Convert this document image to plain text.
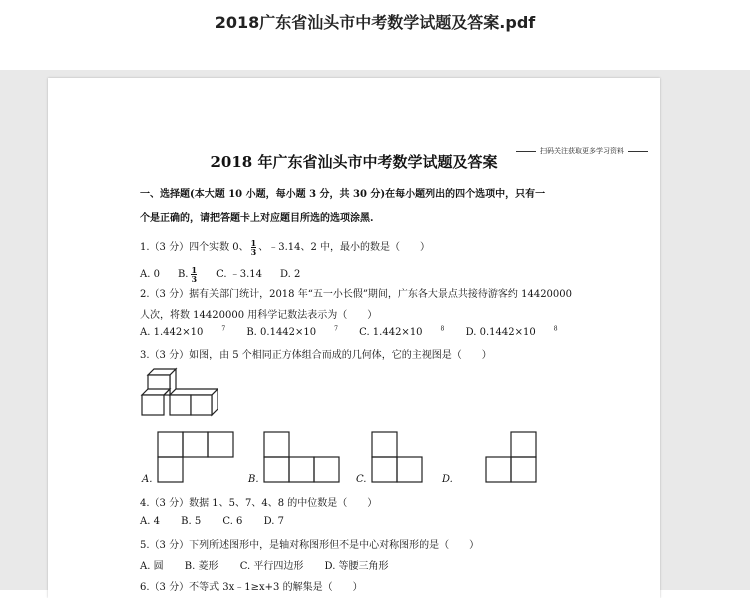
2018广东省汕头市中考数学试题及答案.pdf
扫码关注获取更多学习资料
2018 年广东省汕头市中考数学试题及答案
一、选择题(本大题 10 小题，每小题 3 分，共 30 分)在每小题列出的四个选项中，只有一
个是正确的，请把答题卡上对应题目所选的选项涂黑.
1.（3 分）四个实数 0、 $\frac{1}{3}$ 、﹣3.14、2 中，最小的数是（　　）
A. 0 B. $\frac{1}{3} C$. ﹣3.14 D. 2
2.（3 分）据有关部门统计，2018 年“五一小长假”期间，广东各大景点共接待游客约 14420000
人次，将数 14420000 用科学记数法表示为（　　）
A. 1.442×10	$^7$ B. 0.1442×10	$^7$ C. 1.442×10	$^8$ D. 0.1442×10	$^8$
3.（3 分）如图，由 5 个相同正方体组合而成的几何体，它的主视图是（　　）
A.	B.	C.	D.
4.（3 分）数据 1、5、7、4、8 的中位数是（　　）
A. 4 B. 5 C. 6 D. 7
5.（3 分）下列所述图形中，是轴对称图形但不是中心对称图形的是（　　）
A. 圆 B. 菱形 C. 平行四边形 D. 等腰三角形
6.（3 分）不等式 3x﹣1≥x+3 的解集是（　　）
